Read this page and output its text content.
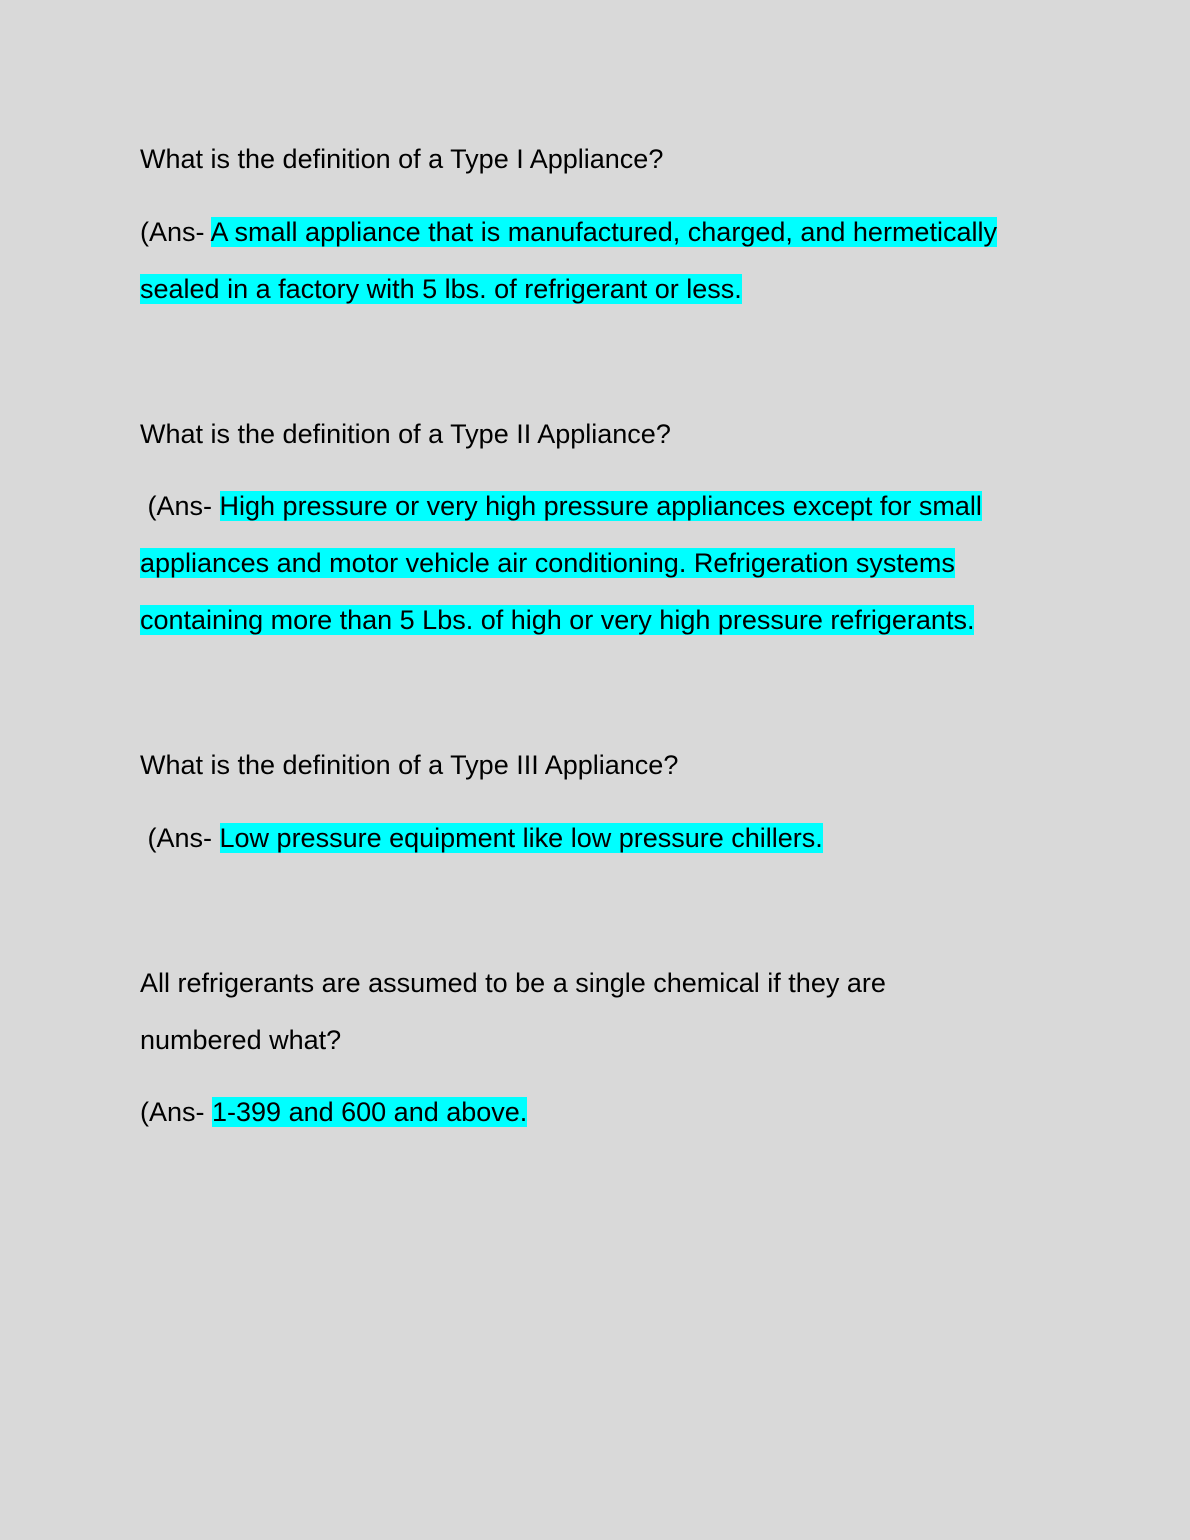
What is the definition of a Type I Appliance?
(Ans- A small appliance that is manufactured, charged, and hermetically sealed in a factory with 5 lbs. of refrigerant or less.
What is the definition of a Type II Appliance?
(Ans- High pressure or very high pressure appliances except for small appliances and motor vehicle air conditioning. Refrigeration systems containing more than 5 Lbs. of high or very high pressure refrigerants.
What is the definition of a Type III Appliance?
(Ans- Low pressure equipment like low pressure chillers.
All refrigerants are assumed to be a single chemical if they are numbered what?
(Ans- 1-399 and 600 and above.
